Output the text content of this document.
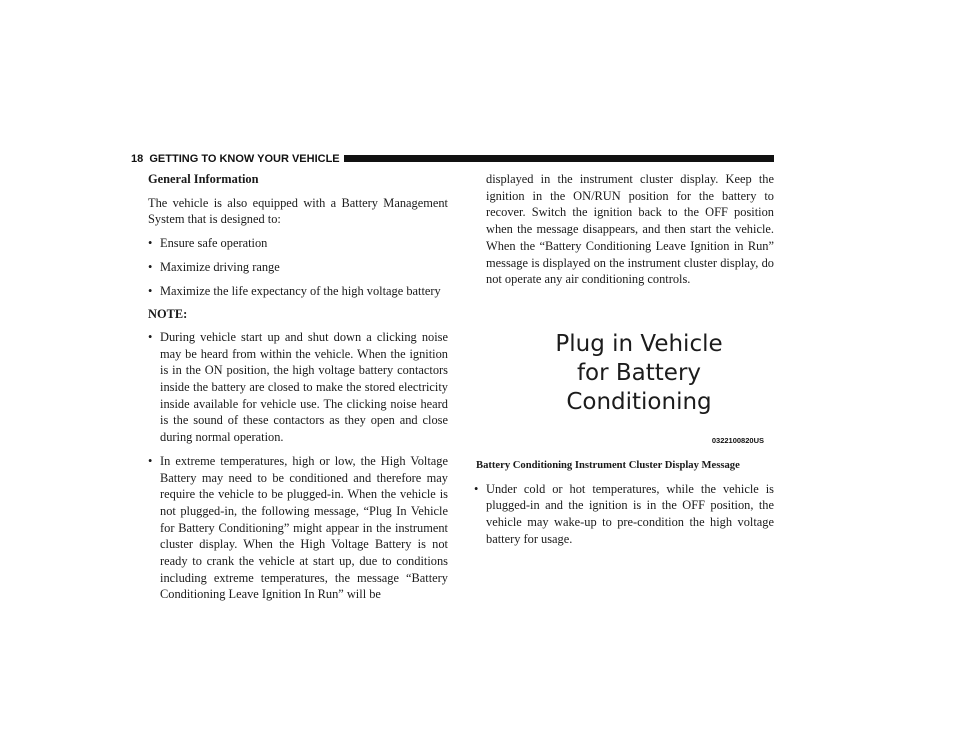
18 GETTING TO KNOW YOUR VEHICLE
General Information

The vehicle is also equipped with a Battery Management System that is designed to:

• Ensure safe operation
• Maximize driving range
• Maximize the life expectancy of the high voltage battery
NOTE:
• During vehicle start up and shut down a clicking noise may be heard from within the vehicle. When the ignition is in the ON position, the high voltage battery contactors inside the battery are closed to make the stored electricity inside available for vehicle use. The clicking noise heard is the sound of these contactors as they open and close during normal operation.
• In extreme temperatures, high or low, the High Voltage Battery may need to be conditioned and therefore may require the vehicle to be plugged-in. When the vehicle is not plugged-in, the following message, “Plug In Vehicle for Battery Conditioning” might appear in the instrument cluster display. When the High Voltage Battery is not ready to crank the vehicle at start up, due to conditions including extreme temperatures, the message “Battery Conditioning Leave Ignition In Run” will be

displayed in the instrument cluster display. Keep the ignition in the ON/RUN position for the battery to recover. Switch the ignition back to the OFF position when the message disappears, and then start the vehicle. When the “Battery Conditioning Leave Ignition in Run” message is displayed on the instrument cluster display, do not operate any air conditioning controls.

Plug in Vehicle
for Battery
Conditioning
0322100820US
Battery Conditioning Instrument Cluster Display Message
• Under cold or hot temperatures, while the vehicle is plugged-in and the ignition is in the OFF position, the vehicle may wake-up to pre-condition the high voltage battery for usage.
